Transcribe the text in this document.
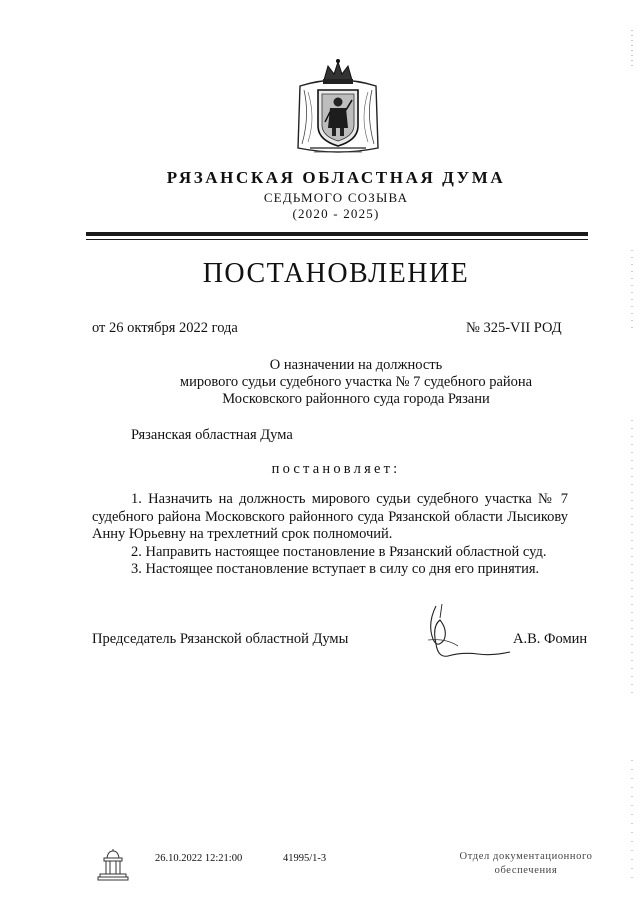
РЯЗАНСКАЯ ОБЛАСТНАЯ ДУМА
СЕДЬМОГО СОЗЫВА
(2020 - 2025)
ПОСТАНОВЛЕНИЕ
от 26 октября 2022 года	№ 325-VII РОД
О назначении на должность
мирового судьи судебного участка № 7 судебного района
Московского районного суда города Рязани
Рязанская областная Дума
постановляет:

1. Назначить на должность мирового судьи судебного участка № 7 судебного района Московского районного суда Рязанской области Лысикову Анну Юрьевну на трехлетний срок полномочий.

2. Направить настоящее постановление в Рязанский областной суд.

3. Настоящее постановление вступает в силу со дня его принятия.

Председатель Рязанской областной Думы	А.В. Фомин
26.10.2022 12:21:00	41995/1-3	Отдел документационного
обеспечения
